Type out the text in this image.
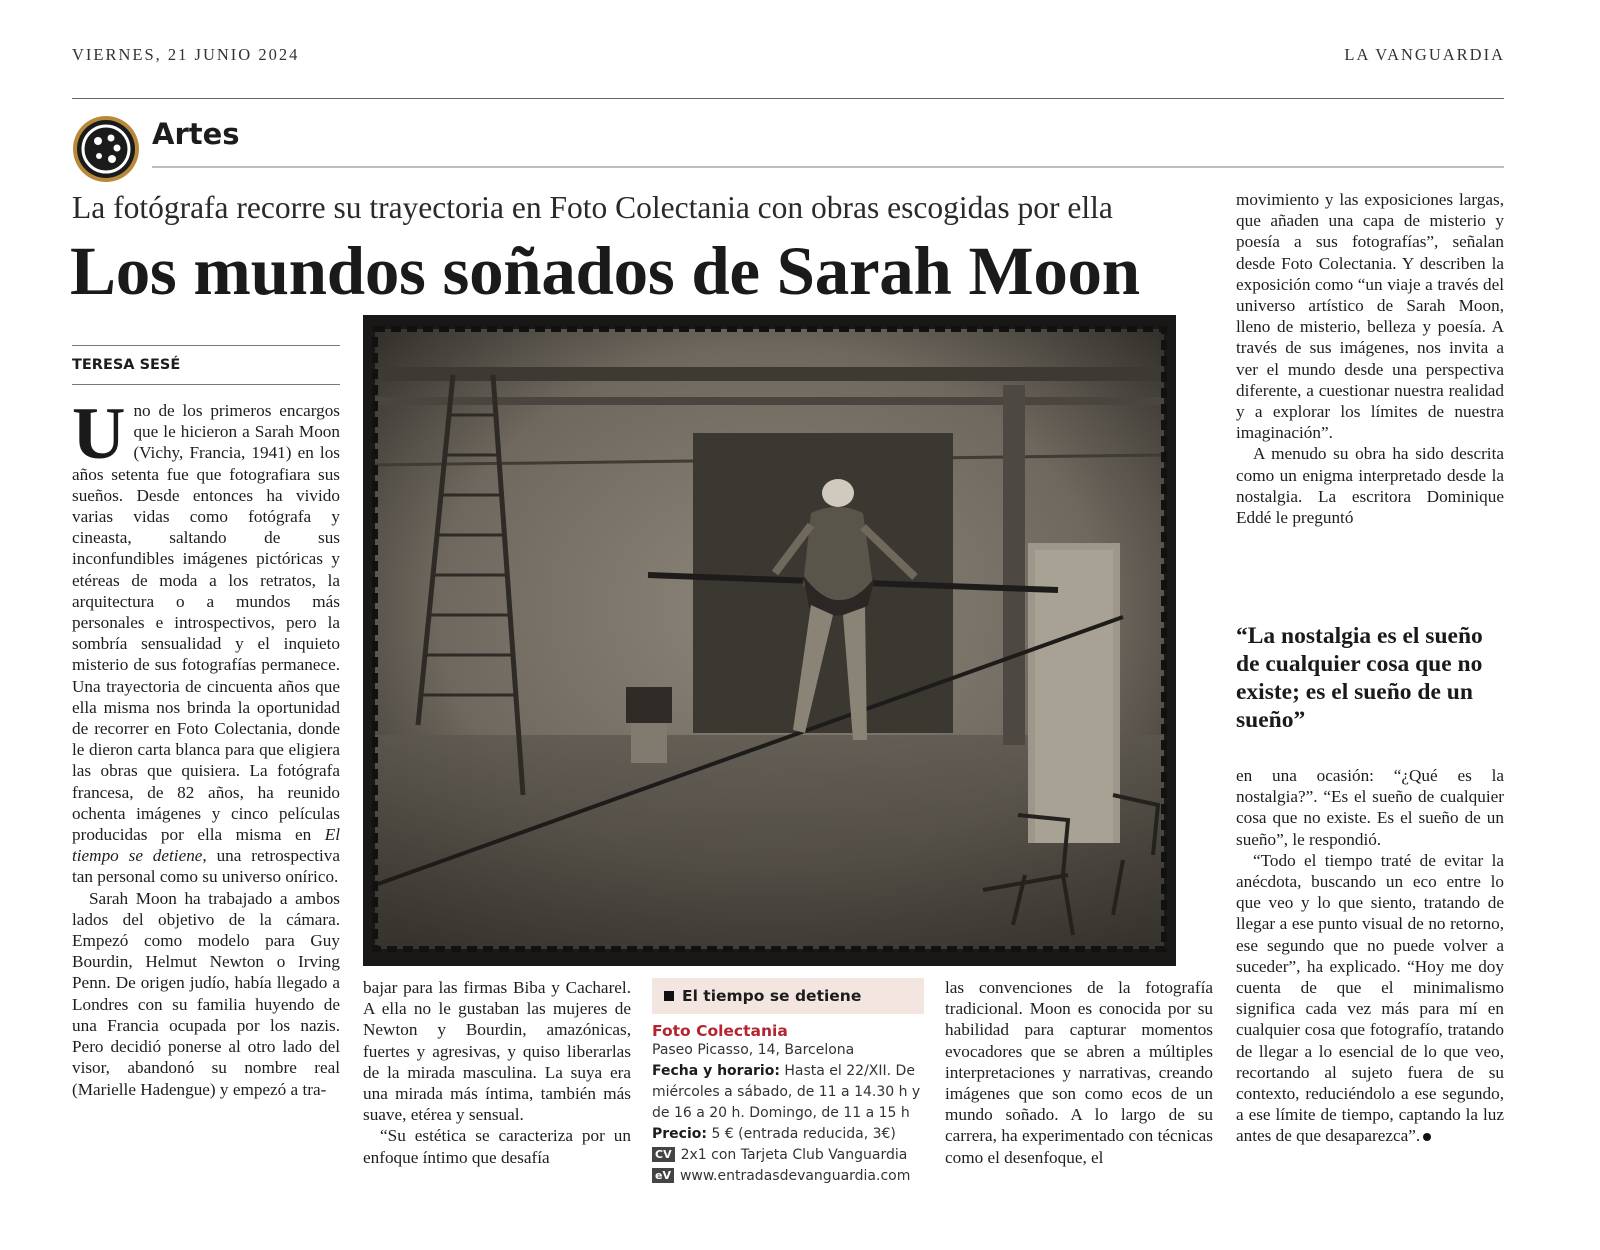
VIERNES, 21 JUNIO 2024	LA VANGUARDIA
Artes
La fotógrafa recorre su trayectoria en Foto Colectania con obras escogidas por ella
Los mundos soñados de Sarah Moon
TERESA SESÉ

Uno de los primeros encargos que le hicieron a Sarah Moon (Vichy, Francia, 1941) en los años setenta fue que fotografiara sus sueños. Desde entonces ha vivido varias vidas como fotógrafa y cineasta, saltando de sus inconfundibles imágenes pictóricas y etéreas de moda a los retratos, la arquitectura o a mundos más personales e introspectivos, pero la sombría sensualidad y el inquieto misterio de sus fotografías permanece. Una trayectoria de cincuenta años que ella misma nos brinda la oportunidad de recorrer en Foto Colectania, donde le dieron carta blanca para que eligiera las obras que quisiera. La fotógrafa francesa, de 82 años, ha reunido ochenta imágenes y cinco películas producidas por ella misma en El tiempo se detiene, una retrospectiva tan personal como su universo onírico.

Sarah Moon ha trabajado a ambos lados del objetivo de la cámara. Empezó como modelo para Guy Bourdin, Helmut Newton o Irving Penn. De origen judío, había llegado a Londres con su familia huyendo de una Francia ocupada por los nazis. Pero decidió ponerse al otro lado del visor, abandonó su nombre real (Marielle Hadengue) y empezó a tra-

bajar para las firmas Biba y Cacharel. A ella no le gustaban las mujeres de Newton y Bourdin, amazónicas, fuertes y agresivas, y quiso liberarlas de la mirada masculina. La suya era una mirada más íntima, también más suave, etérea y sensual.

“Su estética se caracteriza por un enfoque íntimo que desafía

El tiempo se detiene
Foto Colectania
Paseo Picasso, 14, Barcelona
Fecha y horario: Hasta el 22/XII. De miércoles a sábado, de 11 a 14.30 h y de 16 a 20 h. Domingo, de 11 a 15 h
Precio: 5 € (entrada reducida, 3€)
CV 2x1 con Tarjeta Club Vanguardia
eV www.entradasdevanguardia.com

las convenciones de la fotografía tradicional. Moon es conocida por su habilidad para capturar momentos evocadores que se abren a múltiples interpretaciones y narrativas, creando imágenes que son como ecos de un mundo soñado. A lo largo de su carrera, ha experimentado con técnicas como el desenfoque, el

movimiento y las exposiciones largas, que añaden una capa de misterio y poesía a sus fotografías”, señalan desde Foto Colectania. Y describen la exposición como “un viaje a través del universo artístico de Sarah Moon, lleno de misterio, belleza y poesía. A través de sus imágenes, nos invita a ver el mundo desde una perspectiva diferente, a cuestionar nuestra realidad y a explorar los límites de nuestra imaginación”.

A menudo su obra ha sido descrita como un enigma interpretado desde la nostalgia. La escritora Dominique Eddé le preguntó

“La nostalgia es el sueño de cualquier cosa que no existe; es el sueño de un sueño”

en una ocasión: “¿Qué es la nostalgia?”. “Es el sueño de cualquier cosa que no existe. Es el sueño de un sueño”, le respondió.

“Todo el tiempo traté de evitar la anécdota, buscando un eco entre lo que veo y lo que siento, tratando de llegar a ese punto visual de no retorno, ese segundo que no puede volver a suceder”, ha explicado. “Hoy me doy cuenta de que el minimalismo significa cada vez más para mí en cualquier cosa que fotografío, tratando de llegar a lo esencial de lo que veo, recortando al sujeto fuera de su contexto, reduciéndolo a ese segundo, a ese límite de tiempo, captando la luz antes de que desaparezca”.
